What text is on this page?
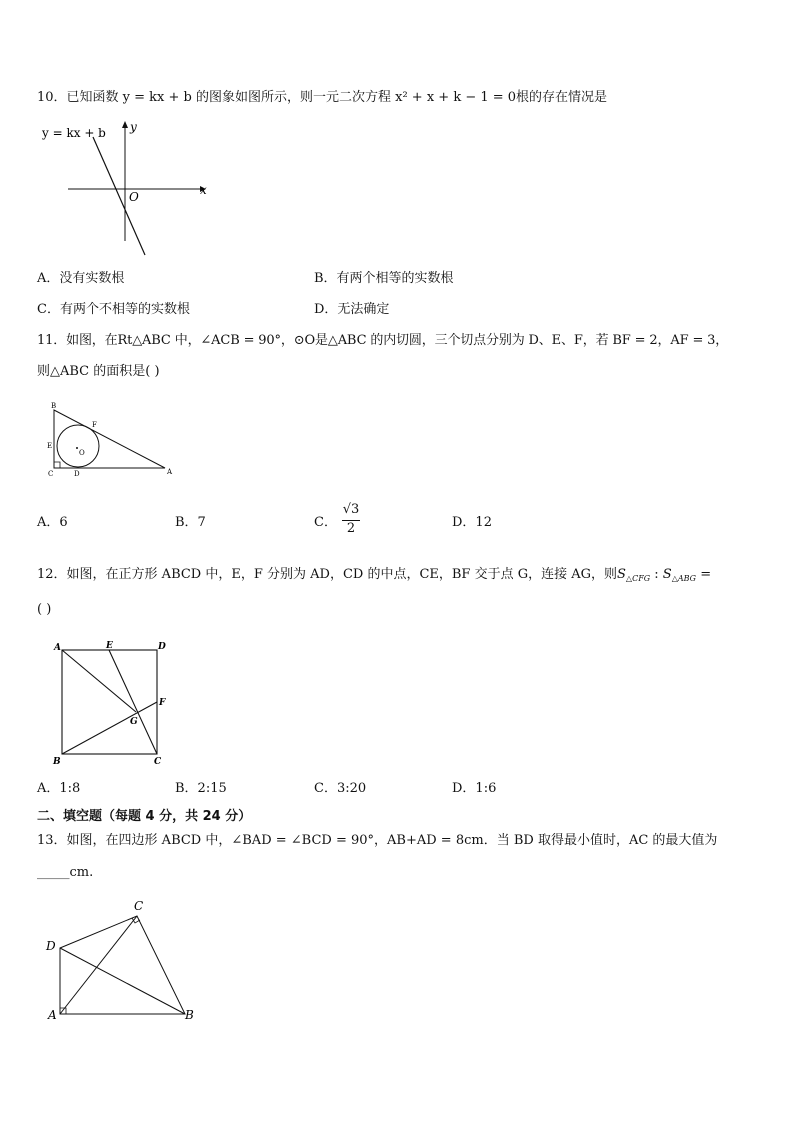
10．已知函数 y = kx + b 的图象如图所示，则一元二次方程 x² + x + k − 1 = 0根的存在情况是
y = kx + b y
x
O
A．没有实数根	B．有两个相等的实数根
C．有两个不相等的实数根	D．无法确定
11．如图，在Rt△ABC 中，∠ACB = 90°，⊙O是△ABC 的内切圆，三个切点分别为 D、E、F，若 BF = 2，AF = 3，
则△ABC 的面积是( )
B
F
E
O
C	D	A
A．6	B．7	C．
√3
2	D．12
12．如图，在正方形 ABCD 中，E，F 分别为 AD，CD 的中点，CE，BF 交于点 G，连接 AG，则$S_{\triangle CFG}$ : $S_{\triangle ABG}$ =
( )
A	E	D
F
G
B	C
A．1:8	B．2:15	C．3:20	D．1:6
二、填空题（每题 4 分，共 24 分）
13．如图，在四边形 ABCD 中，∠BAD = ∠BCD = 90°，AB+AD = 8cm．当 BD 取得最小值时，AC 的最大值为
_____cm.
C
D
A	B
